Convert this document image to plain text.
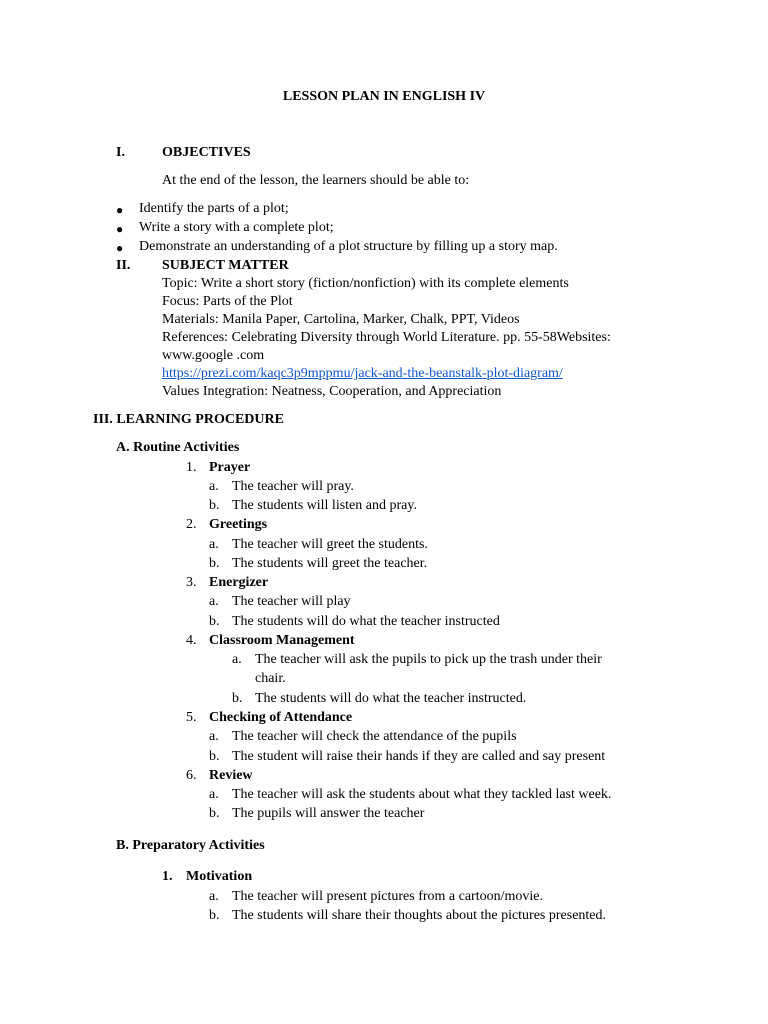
LESSON PLAN IN ENGLISH IV
I.	OBJECTIVES
At the end of the lesson, the learners should be able to:
● Identify the parts of a plot;
● Write a story with a complete plot;
● Demonstrate an understanding of a plot structure by filling up a story map.
II. SUBJECT MATTER
Topic: Write a short story (fiction/nonfiction) with its complete elements
Focus: Parts of the Plot
Materials: Manila Paper, Cartolina, Marker, Chalk, PPT, Videos
References: Celebrating Diversity through World Literature. pp. 55-58Websites:
www.google .com
https://prezi.com/kaqc3p9mppmu/jack-and-the-beanstalk-plot-diagram/
Values Integration: Neatness, Cooperation, and Appreciation
III. LEARNING PROCEDURE
A. Routine Activities
1. Prayer
a. The teacher will pray.
b. The students will listen and pray.
2. Greetings
a. The teacher will greet the students.
b. The students will greet the teacher.
3. Energizer
a. The teacher will play
b. The students will do what the teacher instructed
4. Classroom Management
a. The teacher will ask the pupils to pick up the trash under their
chair.
b. The students will do what the teacher instructed.
5. Checking of Attendance
a. The teacher will check the attendance of the pupils
b. The student will raise their hands if they are called and say present
6. Review
a. The teacher will ask the students about what they tackled last week.
b. The pupils will answer the teacher
B. Preparatory Activities
1. Motivation
a. The teacher will present pictures from a cartoon/movie.
b. The students will share their thoughts about the pictures presented.
